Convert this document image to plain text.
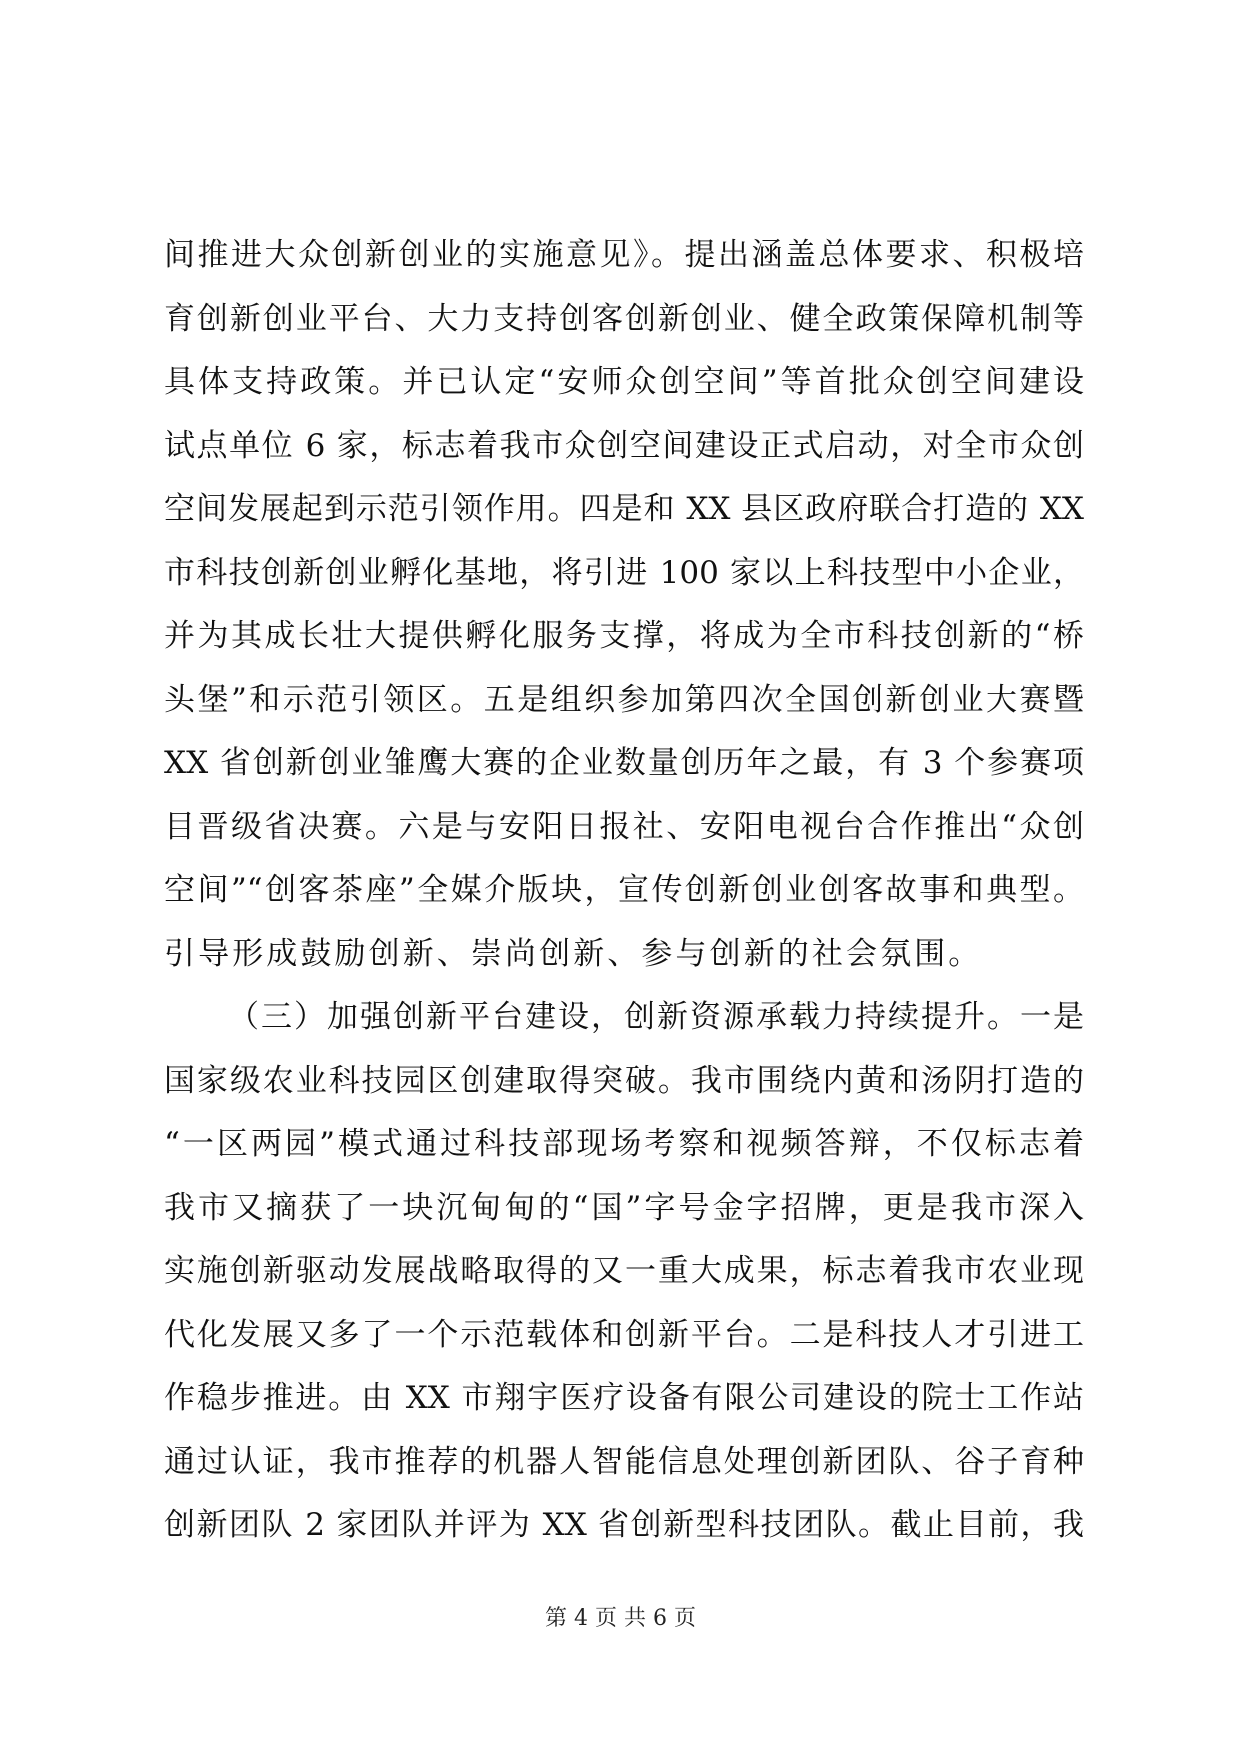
间推进大众创新创业的实施意见》。提出涵盖总体要求、积极培
育创新创业平台、大力支持创客创新创业、健全政策保障机制等
具体支持政策。并已认定“安师众创空间”等首批众创空间建设
试点单位 6 家，标志着我市众创空间建设正式启动，对全市众创
空间发展起到示范引领作用。四是和 XX 县区政府联合打造的 XX
市科技创新创业孵化基地，将引进 100 家以上科技型中小企业，
并为其成长壮大提供孵化服务支撑，将成为全市科技创新的“桥
头堡”和示范引领区。五是组织参加第四次全国创新创业大赛暨
XX 省创新创业雏鹰大赛的企业数量创历年之最，有 3 个参赛项
目晋级省决赛。六是与安阳日报社、安阳电视台合作推出“众创
空间”“创客茶座”全媒介版块，宣传创新创业创客故事和典型。
引导形成鼓励创新、崇尚创新、参与创新的社会氛围。
（三）加强创新平台建设，创新资源承载力持续提升。一是
国家级农业科技园区创建取得突破。我市围绕内黄和汤阴打造的
“一区两园”模式通过科技部现场考察和视频答辩，不仅标志着
我市又摘获了一块沉甸甸的“国”字号金字招牌，更是我市深入
实施创新驱动发展战略取得的又一重大成果，标志着我市农业现
代化发展又多了一个示范载体和创新平台。二是科技人才引进工
作稳步推进。由 XX 市翔宇医疗设备有限公司建设的院士工作站
通过认证，我市推荐的机器人智能信息处理创新团队、谷子育种
创新团队 2 家团队并评为 XX 省创新型科技团队。截止目前，我
第 4 页 共 6 页
